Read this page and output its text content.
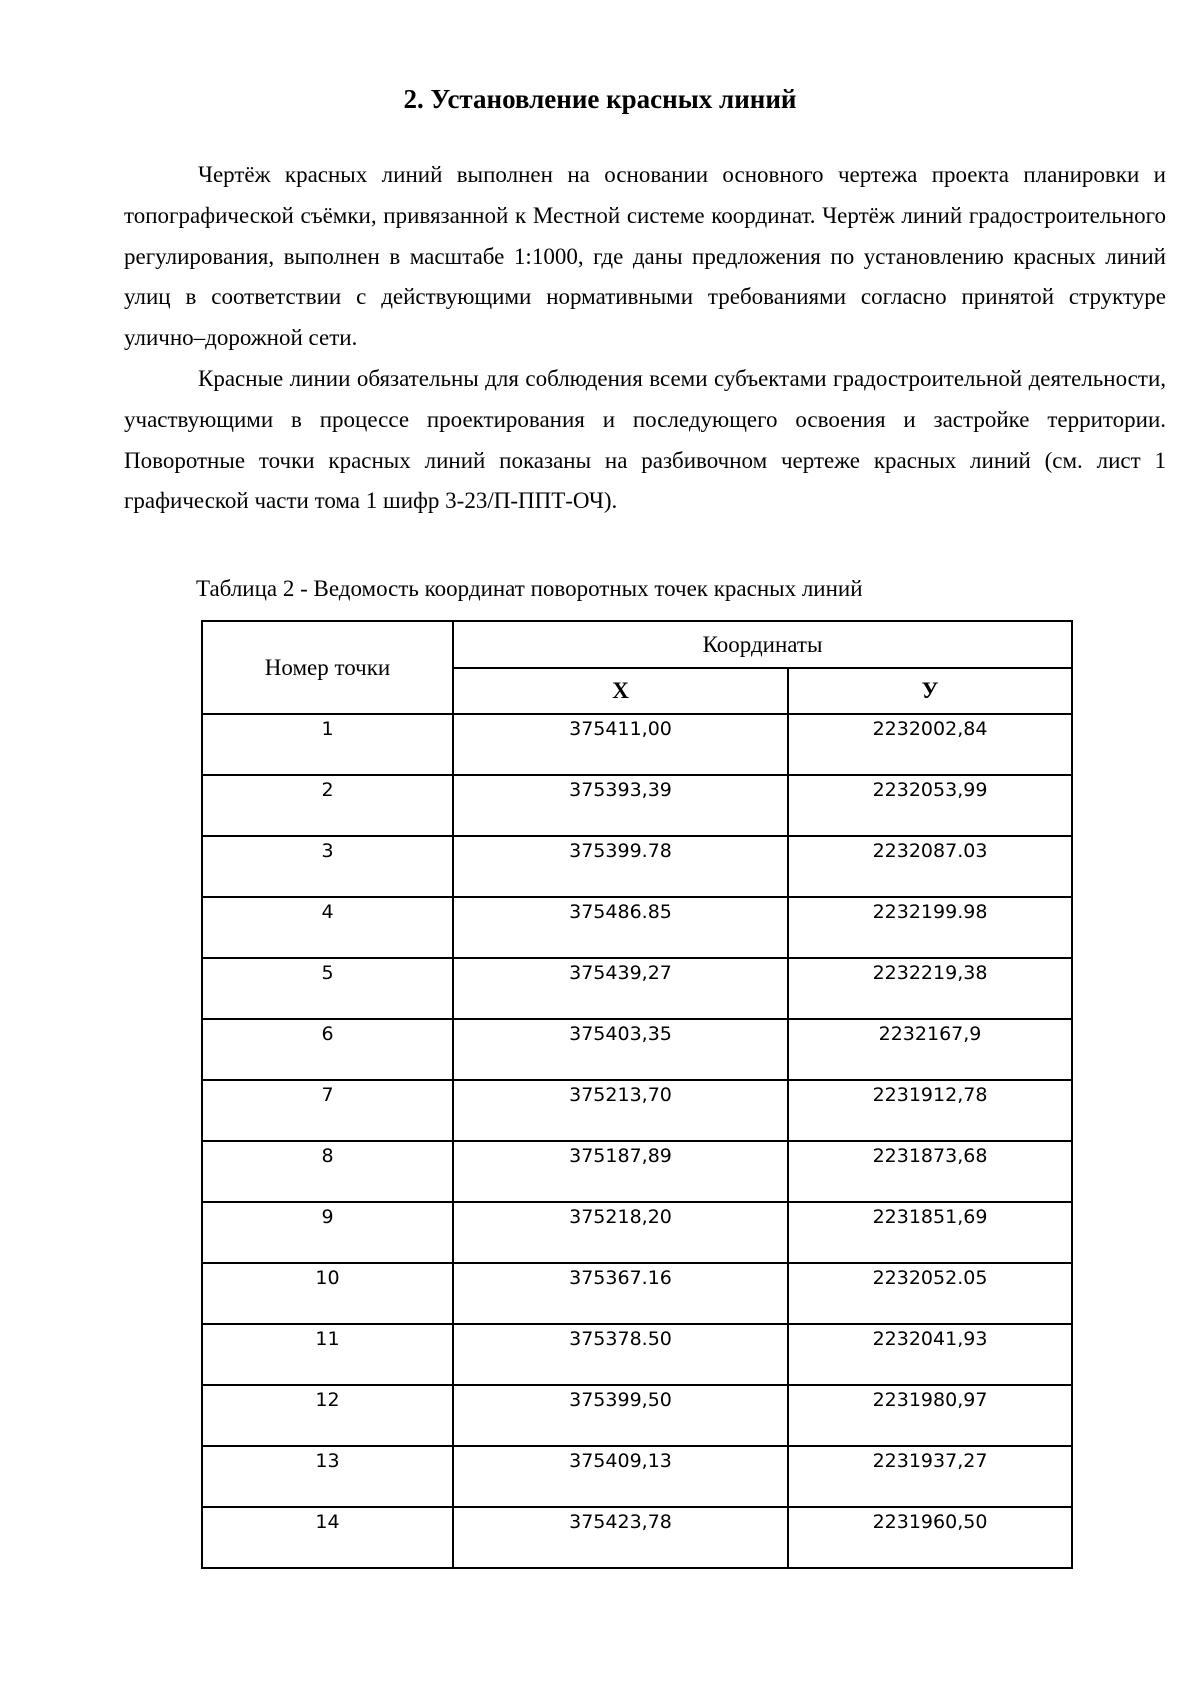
2. Установление красных линий

Чертёж красных линий выполнен на основании основного чертежа проекта планировки и топографической съёмки, привязанной к Местной системе координат. Чертёж линий градостроительного регулирования, выполнен в масштабе 1:1000, где даны предложения по установлению красных линий улиц в соответствии с действующими нормативными требованиями согласно принятой структуре улично–дорожной сети.

Красные линии обязательны для соблюдения всеми субъектами градостроительной деятельности, участвующими в процессе проектирования и последующего освоения и застройке территории. Поворотные точки красных линий показаны на разбивочном чертеже красных линий (см. лист 1 графической части тома 1 шифр 3-23/П-ППТ-ОЧ).

Таблица 2 - Ведомость координат поворотных точек красных линий

Номер точки	Координаты	
	Х	У
1	375411,00	2232002,84
2	375393,39	2232053,99
3	375399.78	2232087.03
4	375486.85	2232199.98
5	375439,27	2232219,38
6	375403,35	2232167,9
7	375213,70	2231912,78
8	375187,89	2231873,68
9	375218,20	2231851,69
10	375367.16	2232052.05
11	375378.50	2232041,93
12	375399,50	2231980,97
13	375409,13	2231937,27
14	375423,78	2231960,50
